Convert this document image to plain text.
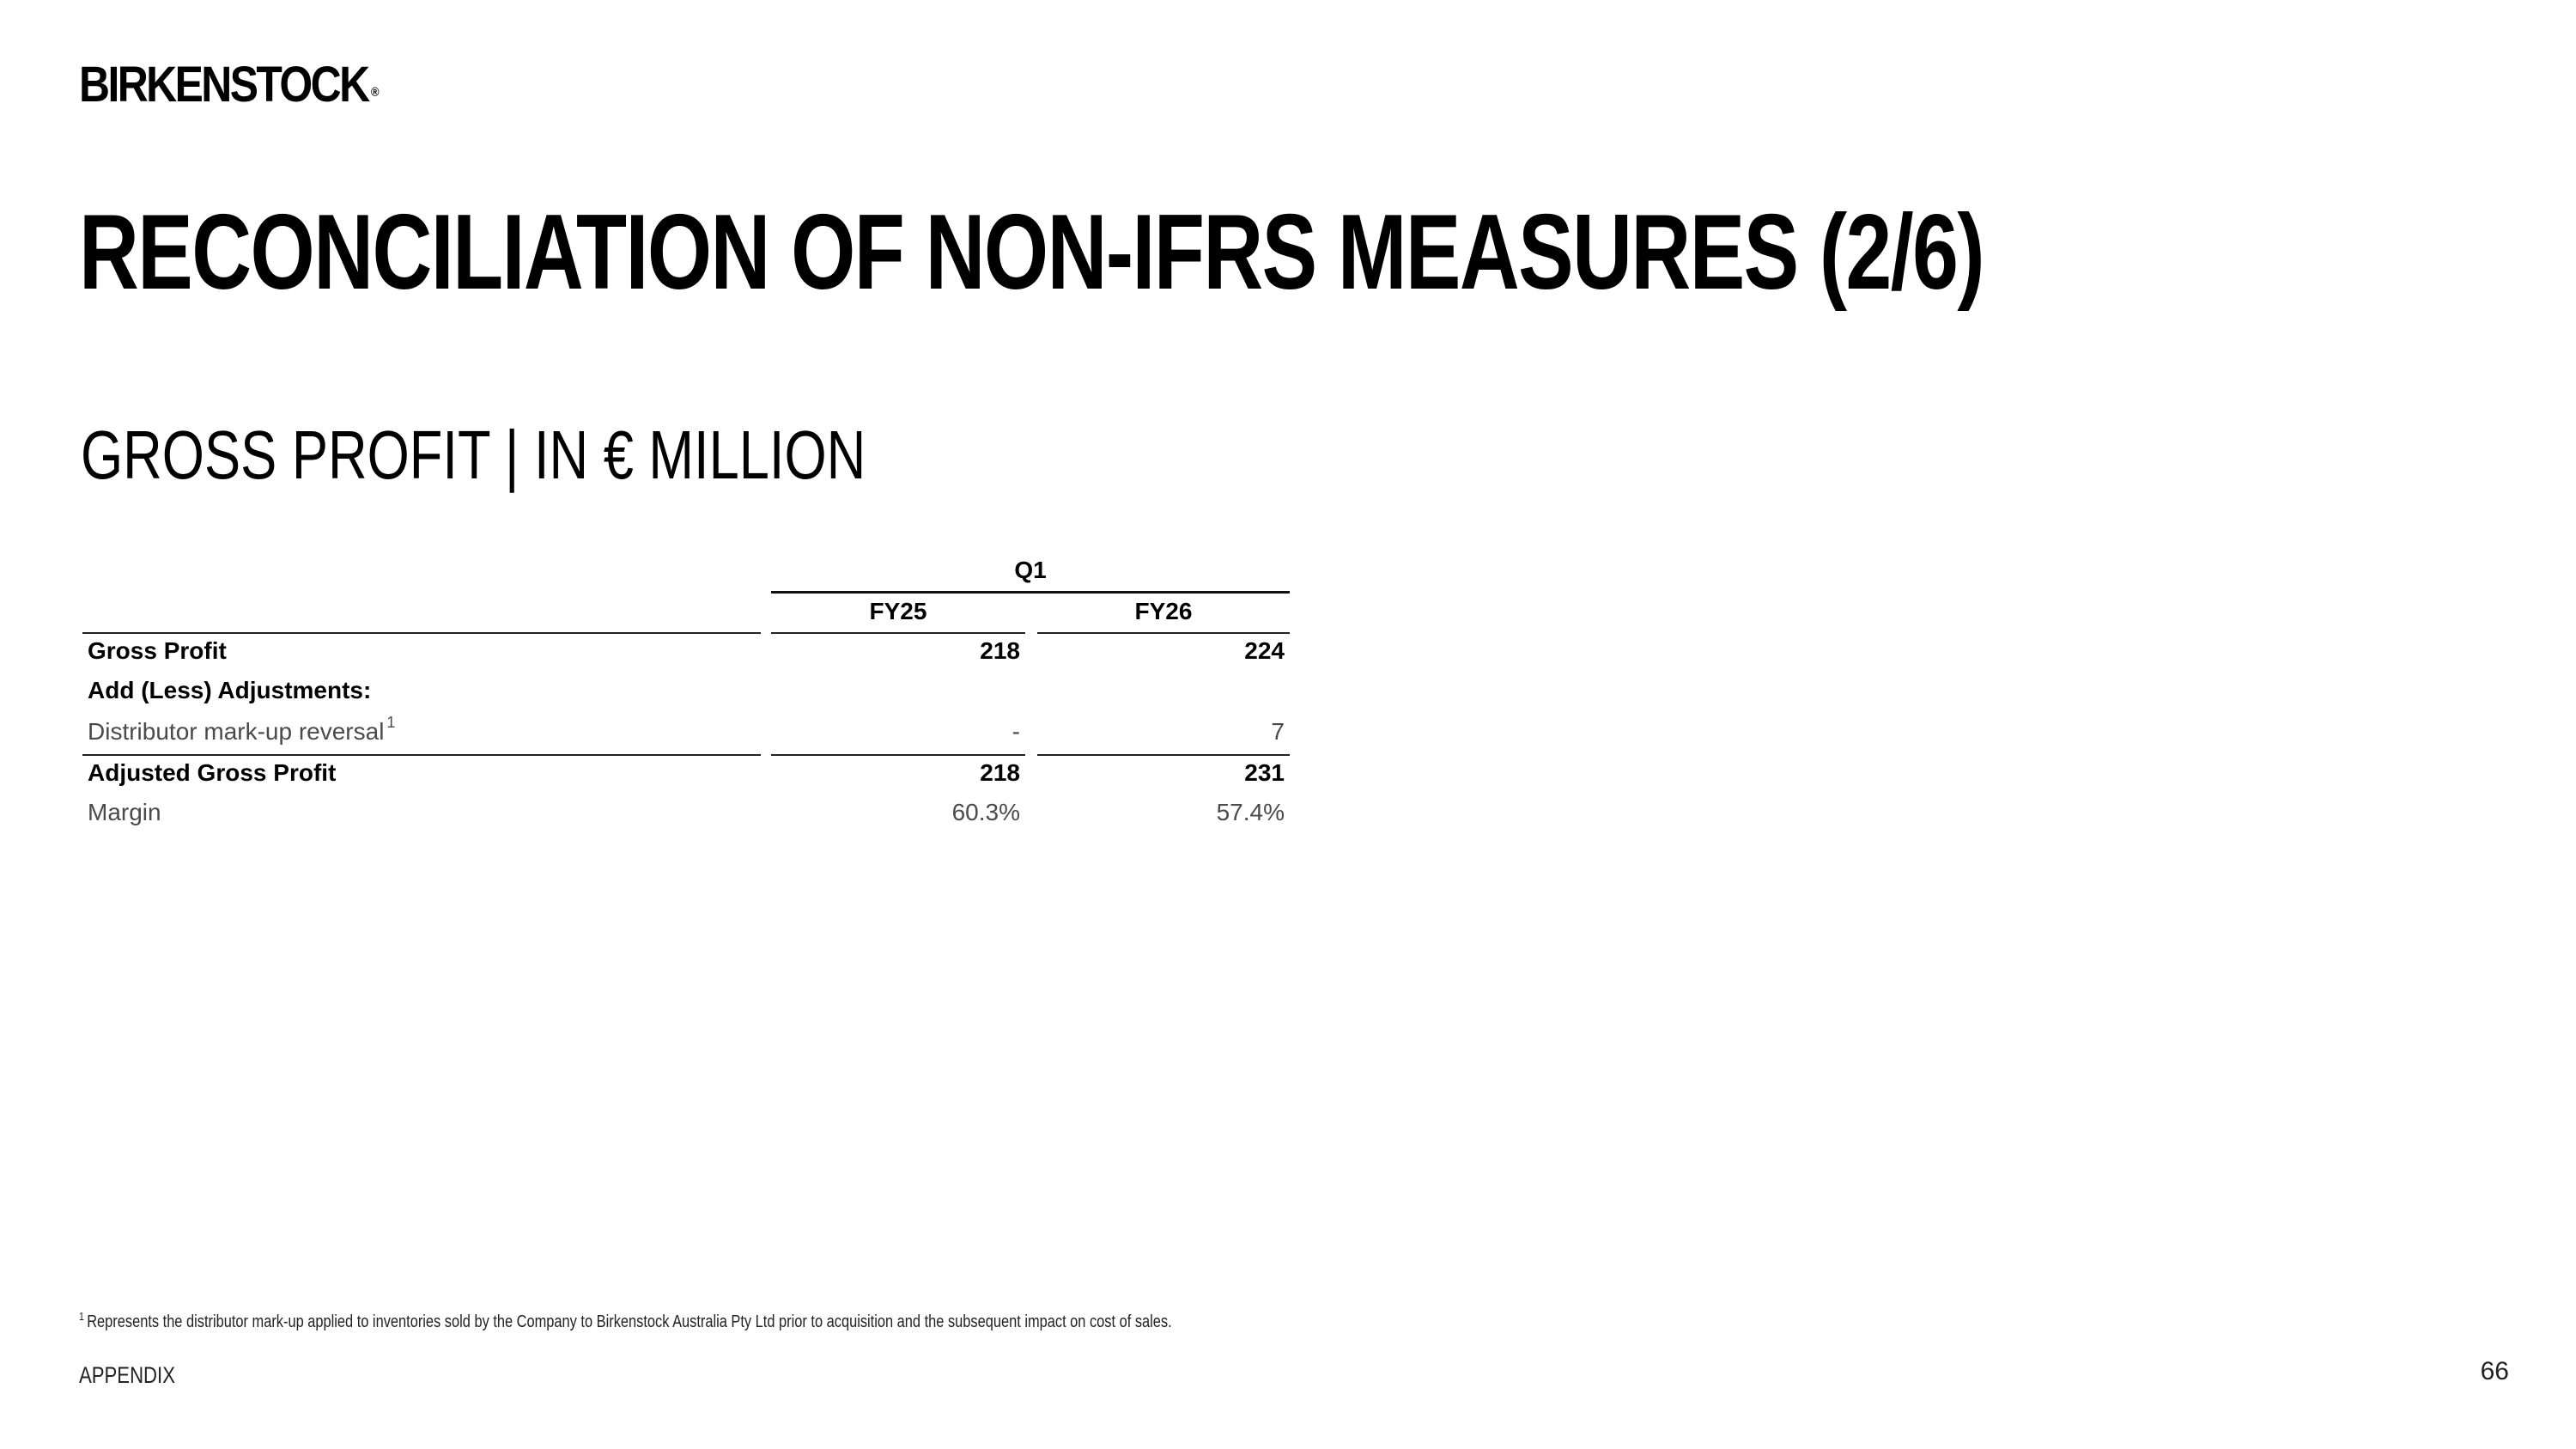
BIRKENSTOCK ®
RECONCILIATION OF NON-IFRS MEASURES (2/6)
GROSS PROFIT | IN € MILLION
Q1
FY25	FY26
Gross Profit	218	224
Add (Less) Adjustments:
Distributor mark-up reversal $^1$	-	7
Adjusted Gross Profit	218	231
Margin	60.3%	57.4%
$^1$ Represents the distributor mark-up applied to inventories sold by the Company to Birkenstock Australia Pty Ltd prior to acquisition and the subsequent impact on cost of sales.
APPENDIX	66
